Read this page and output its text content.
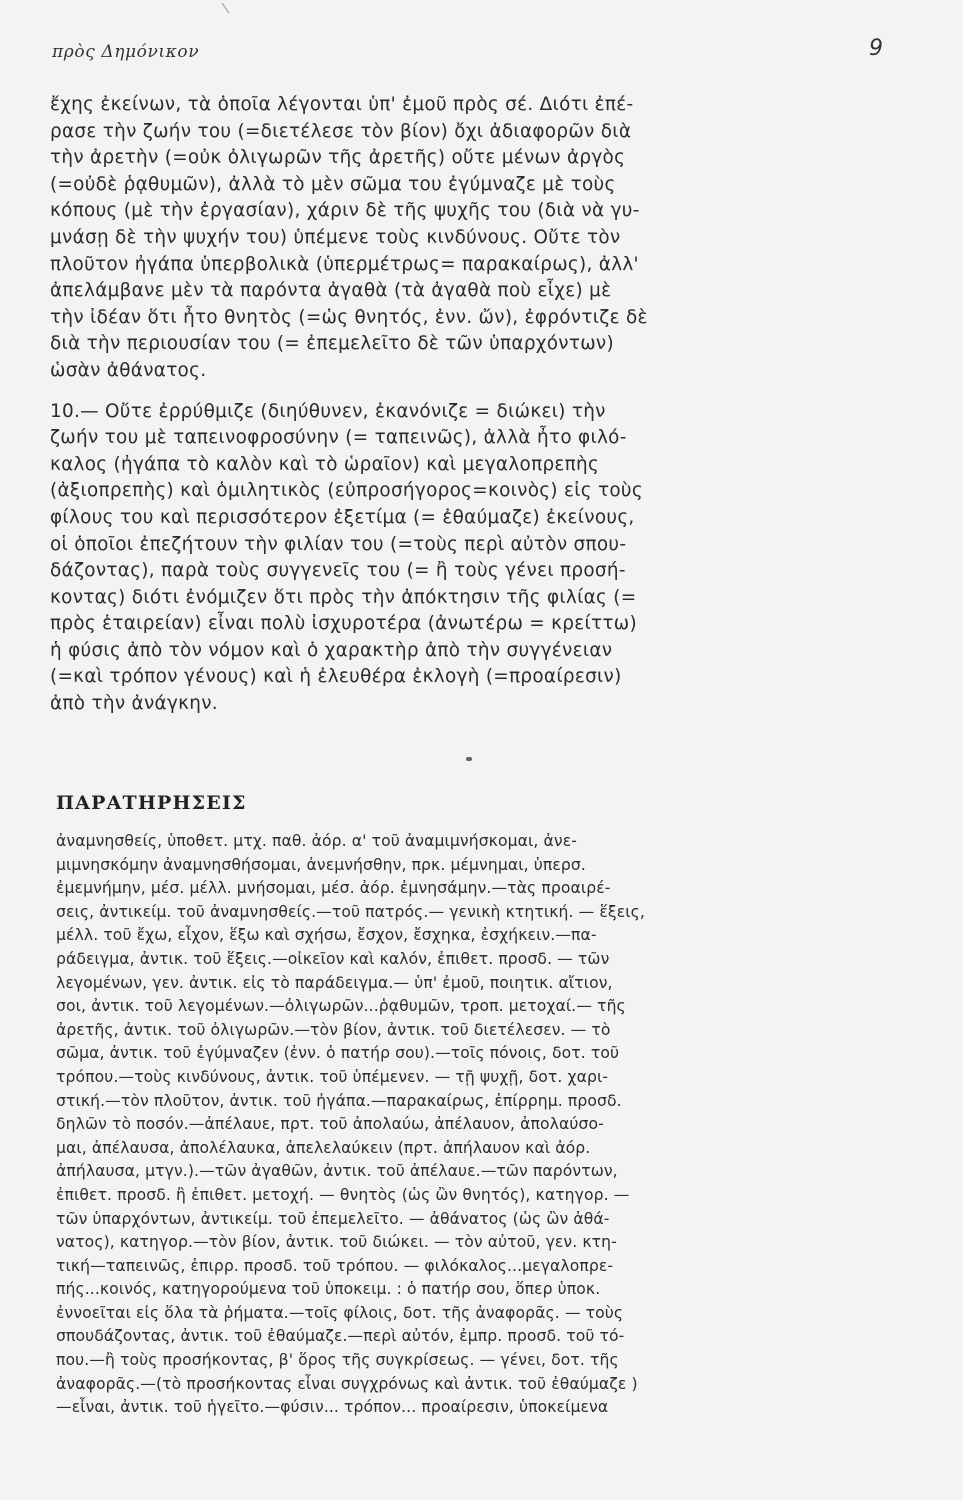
πρὸς Δημόνικον	9
ἔχης ἐκείνων, τὰ ὁποῖα λέγονται ὑπ' ἐμοῦ πρὸς σέ. Διότι ἐπέ-
ρασε τὴν ζωήν του (=διετέλεσε τὸν βίον) ὄχι ἀδιαφορῶν διὰ
τὴν ἀρετὴν (=οὐκ ὀλιγωρῶν τῆς ἀρετῆς) οὔτε μένων ἀργὸς
(=οὐδὲ ῥᾳθυμῶν), ἀλλὰ τὸ μὲν σῶμα του ἐγύμναζε μὲ τοὺς
κόπους (μὲ τὴν ἐργασίαν), χάριν δὲ τῆς ψυχῆς του (διὰ νὰ γυ-
μνάσῃ δὲ τὴν ψυχήν του) ὑπέμενε τοὺς κινδύνους. Οὔτε τὸν
πλοῦτον ἠγάπα ὑπερβολικὰ (ὑπερμέτρως= παρακαίρως), ἀλλ'
ἀπελάμβανε μὲν τὰ παρόντα ἀγαθὰ (τὰ ἀγαθὰ ποὺ εἶχε) μὲ
τὴν ἰδέαν ὅτι ἦτο θνητὸς (=ὡς θνητός, ἐνν. ὤν), ἐφρόντιζε δὲ
διὰ τὴν περιουσίαν του (= ἐπεμελεῖτο δὲ τῶν ὑπαρχόντων)
ὡσὰν ἀθάνατος.
10.— Οὔτε ἐρρύθμιζε (διηύθυνεν, ἐκανόνιζε = διώκει) τὴν
ζωήν του μὲ ταπεινοφροσύνην (= ταπεινῶς), ἀλλὰ ἦτο φιλό-
καλος (ἠγάπα τὸ καλὸν καὶ τὸ ὡραῖον) καὶ μεγαλοπρεπὴς
(ἀξιοπρεπὴς) καὶ ὁμιλητικὸς (εὐπροσήγορος=κοινὸς) εἰς τοὺς
φίλους του καὶ περισσότερον ἐξετίμα (= ἐθαύμαζε) ἐκείνους,
οἱ ὁποῖοι ἐπεζήτουν τὴν φιλίαν του (=τοὺς περὶ αὐτὸν σπου-
δάζοντας), παρὰ τοὺς συγγενεῖς του (= ἢ τοὺς γένει προσή-
κοντας) διότι ἐνόμιζεν ὅτι πρὸς τὴν ἀπόκτησιν τῆς φιλίας (=
πρὸς ἑταιρείαν) εἶναι πολὺ ἰσχυροτέρα (ἀνωτέρω = κρείττω)
ἡ φύσις ἀπὸ τὸν νόμον καὶ ὁ χαρακτὴρ ἀπὸ τὴν συγγένειαν
(=καὶ τρόπον γένους) καὶ ἡ ἐλευθέρα ἐκλογὴ (=προαίρεσιν)
ἀπὸ τὴν ἀνάγκην.
ΠΑΡΑΤΗΡΗΣΕΙΣ
ἀναμνησθείς, ὑποθετ. μτχ. παθ. ἀόρ. α' τοῦ ἀναμιμνήσκομαι, ἀνε-
μιμνησκόμην ἀναμνησθήσομαι, ἀνεμνήσθην, πρκ. μέμνημαι, ὑπερσ.
ἐμεμνήμην, μέσ. μέλλ. μνήσομαι, μέσ. ἀόρ. ἐμνησάμην.—τὰς προαιρέ-
σεις, ἀντικείμ. τοῦ ἀναμνησθείς.—τοῦ πατρός.— γενικὴ κτητική. — ἕξεις,
μέλλ. τοῦ ἔχω, εἶχον, ἕξω καὶ σχήσω, ἔσχον, ἔσχηκα, ἐσχήκειν.—πα-
ράδειγμα, ἀντικ. τοῦ ἕξεις.—οἰκεῖον καὶ καλόν, ἐπιθετ. προσδ. — τῶν
λεγομένων, γεν. ἀντικ. εἰς τὸ παράδειγμα.— ὑπ' ἐμοῦ, ποιητικ. αἴτιον,
σοι, ἀντικ. τοῦ λεγομένων.—ὀλιγωρῶν...ῥᾳθυμῶν, τροπ. μετοχαί.— τῆς
ἀρετῆς, ἀντικ. τοῦ ὀλιγωρῶν.—τὸν βίον, ἀντικ. τοῦ διετέλεσεν. — τὸ
σῶμα, ἀντικ. τοῦ ἐγύμναζεν (ἐνν. ὁ πατήρ σου).—τοῖς πόνοις, δοτ. τοῦ
τρόπου.—τοὺς κινδύνους, ἀντικ. τοῦ ὑπέμενεν. — τῇ ψυχῇ, δοτ. χαρι-
στική.—τὸν πλοῦτον, ἀντικ. τοῦ ἠγάπα.—παρακαίρως, ἐπίρρημ. προσδ.
δηλῶν τὸ ποσόν.—ἀπέλαυε, πρτ. τοῦ ἀπολαύω, ἀπέλαυον, ἀπολαύσο-
μαι, ἀπέλαυσα, ἀπολέλαυκα, ἀπελελαύκειν (πρτ. ἀπήλαυον καὶ ἀόρ.
ἀπήλαυσα, μτγν.).—τῶν ἀγαθῶν, ἀντικ. τοῦ ἀπέλαυε.—τῶν παρόντων,
ἐπιθετ. προσδ. ἢ ἐπιθετ. μετοχή. — θνητὸς (ὡς ὢν θνητός), κατηγορ. —
τῶν ὑπαρχόντων, ἀντικείμ. τοῦ ἐπεμελεῖτο. — ἀθάνατος (ὡς ὢν ἀθά-
νατος), κατηγορ.—τὸν βίον, ἀντικ. τοῦ διώκει. — τὸν αὐτοῦ, γεν. κτη-
τική—ταπεινῶς, ἐπιρρ. προσδ. τοῦ τρόπου. — φιλόκαλος...μεγαλοπρε-
πής...κοινός, κατηγορούμενα τοῦ ὑποκειμ. : ὁ πατήρ σου, ὅπερ ὑποκ.
ἐννοεῖται εἰς ὅλα τὰ ῥήματα.—τοῖς φίλοις, δοτ. τῆς ἀναφορᾶς. — τοὺς
σπουδάζοντας, ἀντικ. τοῦ ἐθαύμαζε.—περὶ αὐτόν, ἐμπρ. προσδ. τοῦ τό-
που.—ἢ τοὺς προσήκοντας, β' ὅρος τῆς συγκρίσεως. — γένει, δοτ. τῆς
ἀναφορᾶς.—(τὸ προσήκοντας εἶναι συγχρόνως καὶ ἀντικ. τοῦ ἐθαύμαζε )
—εἶναι, ἀντικ. τοῦ ἡγεῖτο.—φύσιν... τρόπον... προαίρεσιν, ὑποκείμενα
